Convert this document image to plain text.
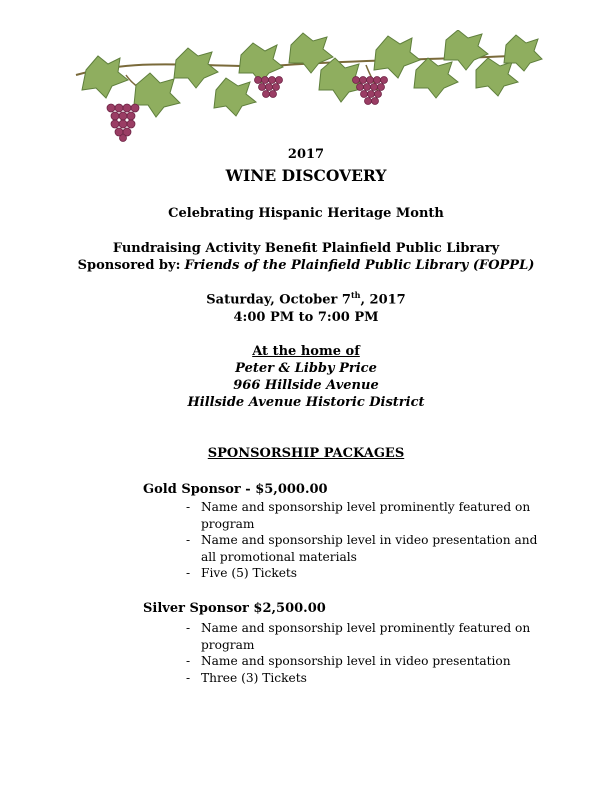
2017
WINE DISCOVERY
Celebrating Hispanic Heritage Month
Fundraising Activity Benefit Plainfield Public Library
Sponsored by: Friends of the Plainfield Public Library (FOPPL)
Saturday, October 7th, 2017
4:00 PM to 7:00 PM
At the home of
Peter & Libby Price
966 Hillside Avenue
Hillside Avenue Historic District
SPONSORSHIP PACKAGES
Gold Sponsor - $5,000.00
- Name and sponsorship level prominently featured on program
- Name and sponsorship level in video presentation and all promotional materials
- Five (5) Tickets
Silver Sponsor $2,500.00
- Name and sponsorship level prominently featured on program
- Name and sponsorship level in video presentation
- Three (3) Tickets
